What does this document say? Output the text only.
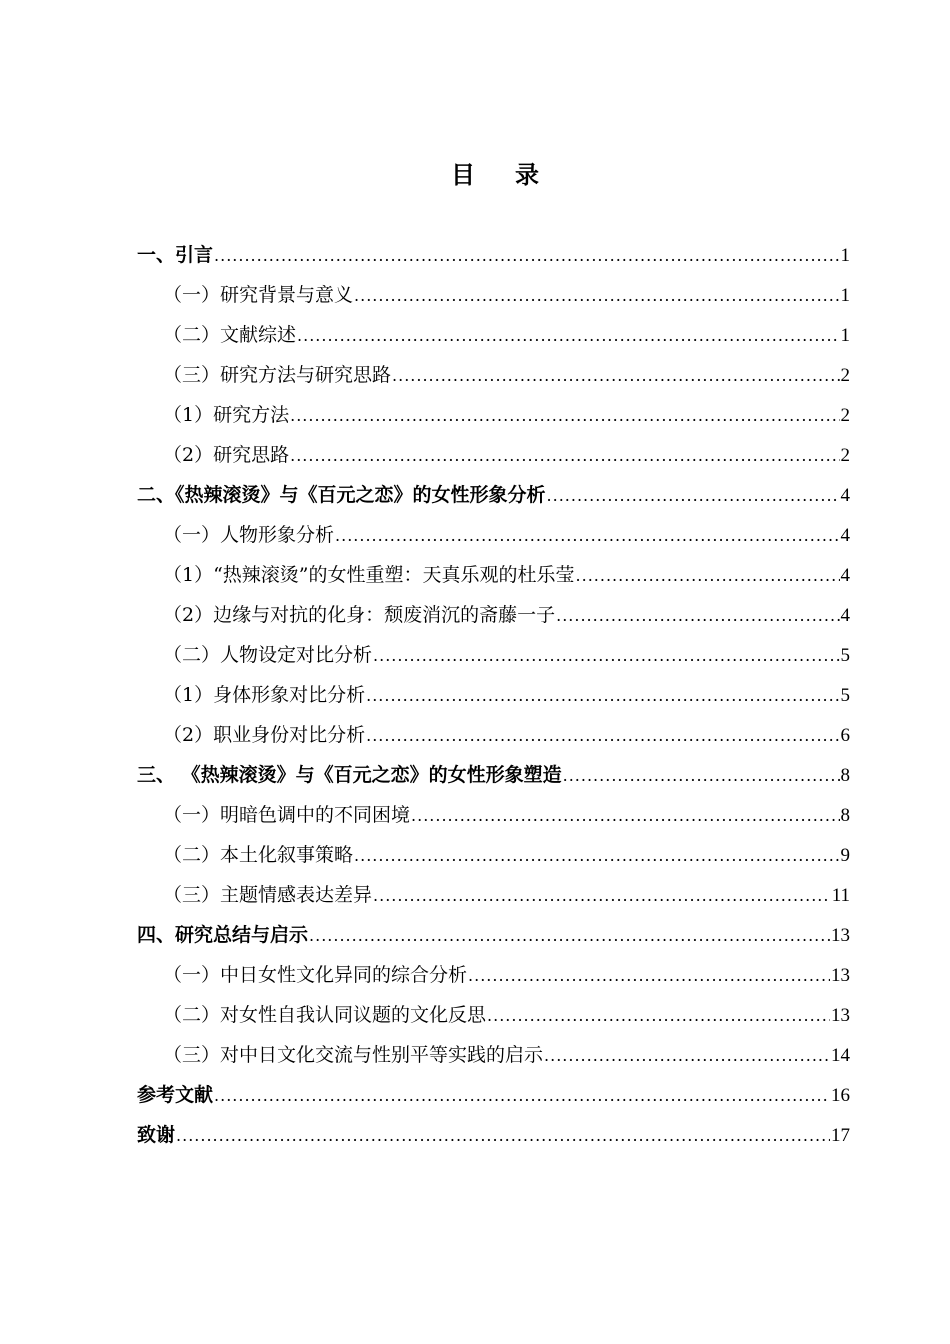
目 录
一、引言 .....	1
（一） 研究背景与意义 .....	1
（二） 文献综述 .....	1
（三） 研究方法与研究思路 .....	2
（1） 研究方法 .....	2
（2） 研究思路 .....	2
二、《热辣滚烫》与《百元之恋》的女性形象分析 .....	4
（一） 人物形象分析 .....	4
（1） “热辣滚烫”的女性重塑：天真乐观的杜乐莹 .....	4
（2） 边缘与对抗的化身：颓废消沉的斋藤一子 .....	4
（二） 人物设定对比分析 .....	5
（1） 身体形象对比分析 .....	5
（2） 职业身份对比分析 .....	6
三、 《热辣滚烫》与《百元之恋》的女性形象塑造 .....	8
（一） 明暗色调中的不同困境 .....	8
（二） 本土化叙事策略 .....	9
（三） 主题情感表达差异 .....	11
四、研究总结与启示 .....	13
（一） 中日女性文化异同的综合分析 .....	13
（二） 对女性自我认同议题的文化反思 .....	13
（三） 对中日文化交流与性别平等实践的启示 .....	14
参考文献 .....	16
致谢 .....	17
